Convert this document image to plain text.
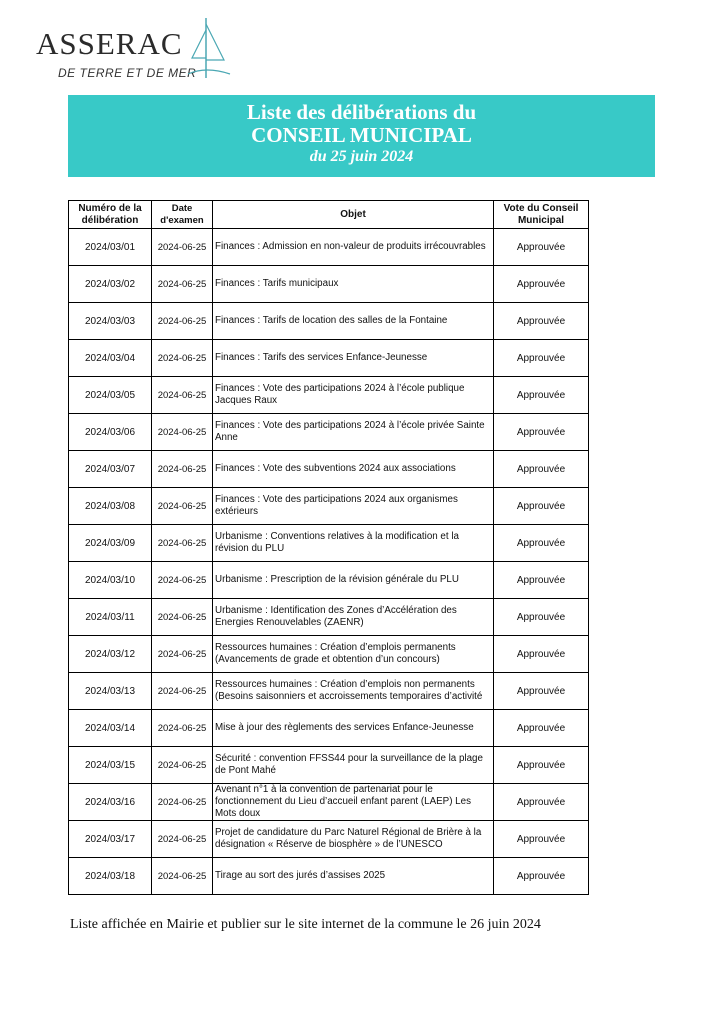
ASSERAC
DE TERRE ET DE MER
Liste des délibérations du
CONSEIL MUNICIPAL
du 25 juin 2024
Numéro de la délibération	Date d'examen	Objet	Vote du Conseil Municipal
2024/03/01	2024-06-25	Finances : Admission en non-valeur de produits irrécouvrables	Approuvée
2024/03/02	2024-06-25	Finances : Tarifs municipaux	Approuvée
2024/03/03	2024-06-25	Finances : Tarifs de location des salles de la Fontaine	Approuvée
2024/03/04	2024-06-25	Finances : Tarifs des services Enfance-Jeunesse	Approuvée
2024/03/05	2024-06-25	Finances : Vote des participations 2024 à l’école publique Jacques Raux	Approuvée
2024/03/06	2024-06-25	Finances : Vote des participations 2024 à l’école privée Sainte Anne	Approuvée
2024/03/07	2024-06-25	Finances : Vote des subventions 2024 aux associations	Approuvée
2024/03/08	2024-06-25	Finances : Vote des participations 2024 aux organismes extérieurs	Approuvée
2024/03/09	2024-06-25	Urbanisme : Conventions relatives à la modification et la révision du PLU	Approuvée
2024/03/10	2024-06-25	Urbanisme : Prescription de la révision générale du PLU	Approuvée
2024/03/11	2024-06-25	Urbanisme : Identification des Zones d’Accélération des Energies Renouvelables (ZAENR)	Approuvée
2024/03/12	2024-06-25	Ressources humaines : Création d’emplois permanents (Avancements de grade et obtention d’un concours)	Approuvée
2024/03/13	2024-06-25	Ressources humaines : Création d’emplois non permanents (Besoins saisonniers et accroissements temporaires d’activité	Approuvée
2024/03/14	2024-06-25	Mise à jour des règlements des services Enfance-Jeunesse	Approuvée
2024/03/15	2024-06-25	Sécurité : convention FFSS44 pour la surveillance de la plage de Pont Mahé	Approuvée
2024/03/16	2024-06-25	Avenant n°1 à la convention de partenariat pour le fonctionnement du Lieu d’accueil enfant parent (LAEP) Les Mots doux	Approuvée
2024/03/17	2024-06-25	Projet de candidature du Parc Naturel Régional de Brière à la désignation « Réserve de biosphère » de l’UNESCO	Approuvée
2024/03/18	2024-06-25	Tirage au sort des jurés d’assises 2025	Approuvée
Liste affichée en Mairie et publier sur le site internet de la commune le 26 juin 2024
